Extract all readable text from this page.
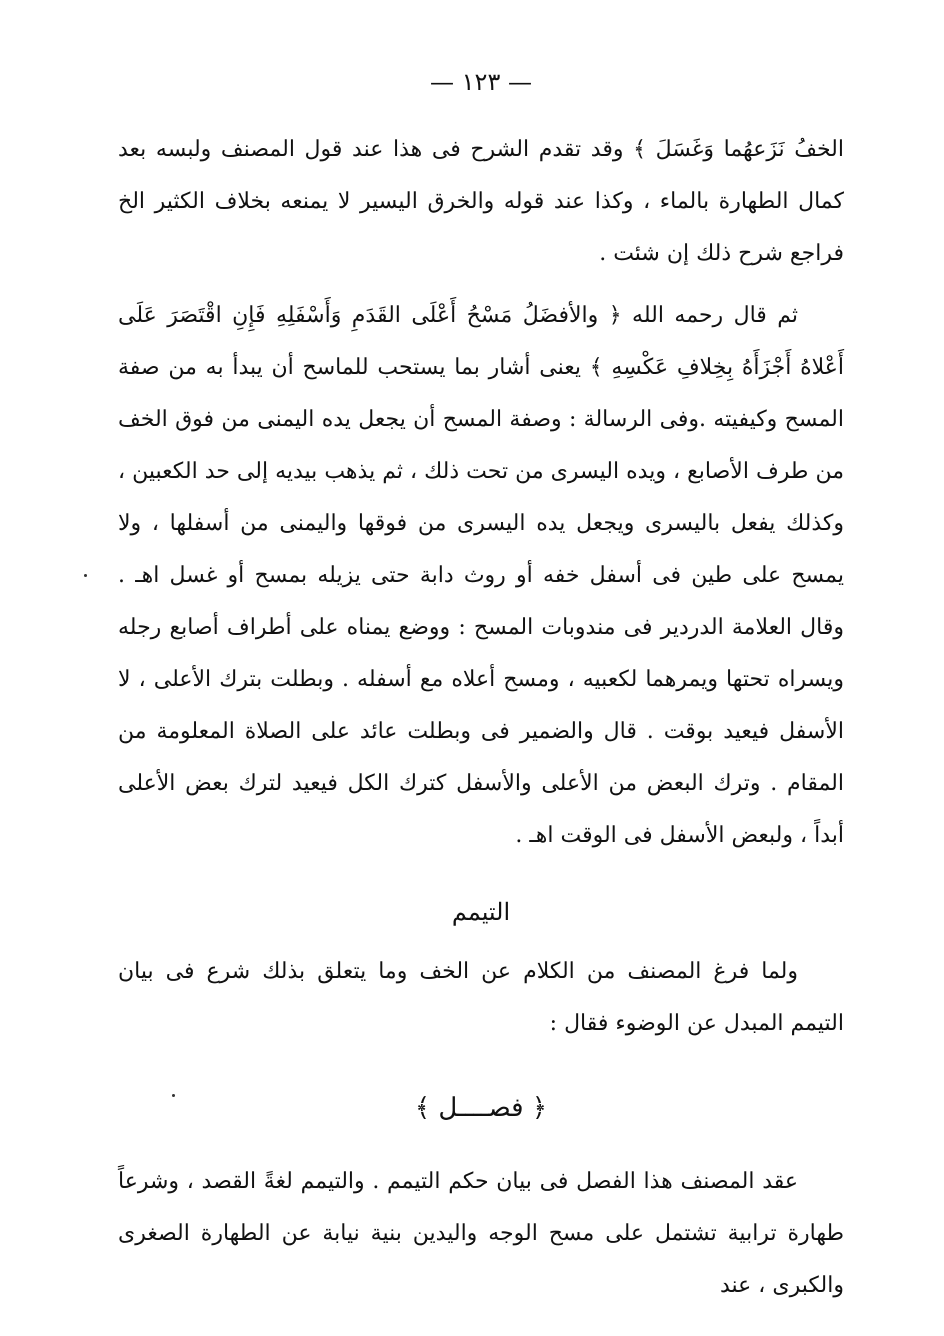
— ١٢٣ —

الخفُ نَزَعهُما وَغَسَلَ ﴾ وقد تقدم الشرح فى هذا عند قول المصنف ولبسه بعد كمال الطهارة بالماء ، وكذا عند قوله والخرق اليسير لا يمنعه بخلاف الكثير الخ فراجع شرح ذلك إن شئت .

ثم قال رحمه الله ﴿ والأفضَلُ مَسْحُ أَعْلَى القَدَمِ وَأَسْفَلِهِ فَإِنِ اقْتَصَرَ عَلَى أَعْلاهُ أَجْزَأَهُ بِخِلافِ عَكْسِهِ ﴾ يعنى أشار بما يستحب للماسح أن يبدأ به من صفة المسح وكيفيته .وفى الرسالة : وصفة المسح أن يجعل يده اليمنى من فوق الخف من طرف الأصابع ، ويده اليسرى من تحت ذلك ، ثم يذهب بيديه إلى حد الكعبين ، وكذلك يفعل باليسرى ويجعل يده اليسرى من فوقها واليمنى من أسفلها ، ولا يمسح على طين فى أسفل خفه أو روث دابة حتى يزيله بمسح أو غسل اهـ . وقال العلامة الدردير فى مندوبات المسح : ووضع يمناه على أطراف أصابع رجله ويسراه تحتها ويمرهما لكعبيه ، ومسح أعلاه مع أسفله . وبطلت بترك الأعلى ، لا الأسفل فيعيد بوقت . قال والضمير فى وبطلت عائد على الصلاة المعلومة من المقام . وترك البعض من الأعلى والأسفل كترك الكل فيعيد لترك بعض الأعلى أبداً ، ولبعض الأسفل فى الوقت اهـ .

التيمم

ولما فرغ المصنف من الكلام عن الخف وما يتعلق بذلك شرع فى بيان التيمم المبدل عن الوضوء فقال :

﴿ فصــــل ﴾

عقد المصنف هذا الفصل فى بيان حكم التيمم . والتيمم لغةً القصد ، وشرعاً طهارة ترابية تشتمل على مسح الوجه واليدين بنية نيابة عن الطهارة الصغرى والكبرى ، عند
